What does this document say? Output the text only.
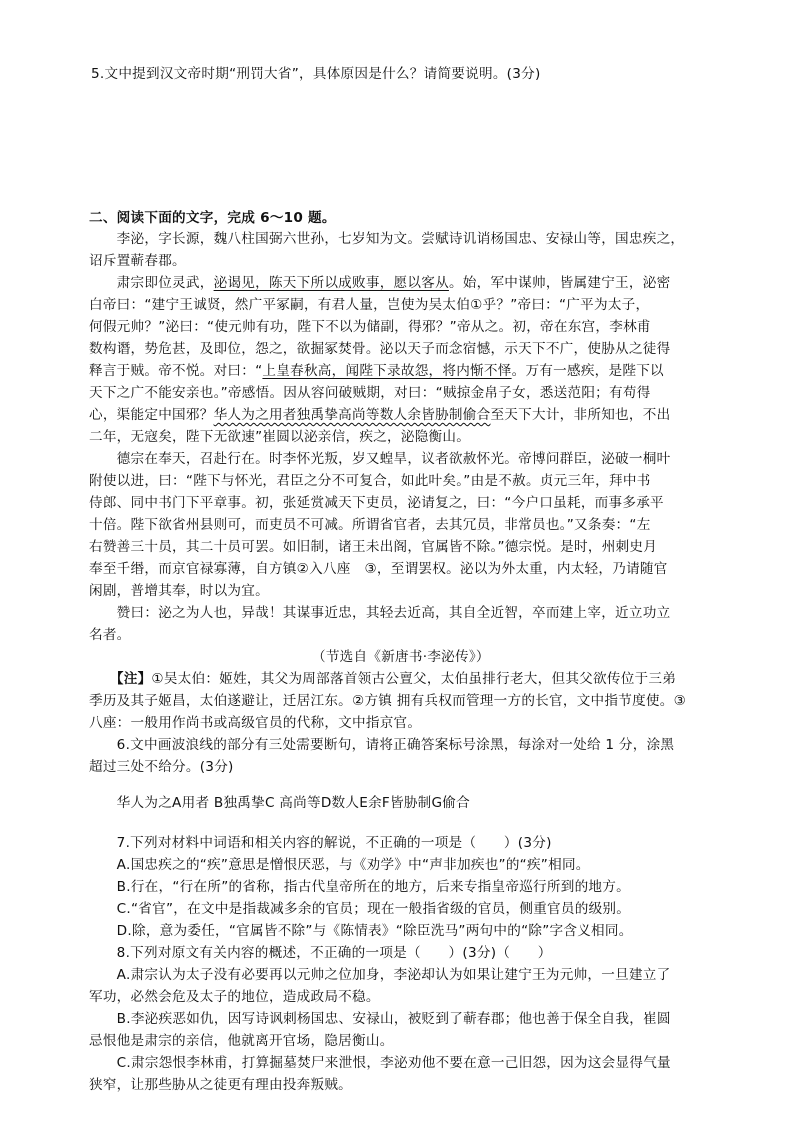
5.文中提到汉文帝时期“刑罚大省”，具体原因是什么？请简要说明。(3分)
二、阅读下面的文字，完成 6～10 题。
　　李泌，字长源，魏八柱国弼六世孙，七岁知为文。尝赋诗讥诮杨国忠、安禄山等，国忠疾之，
诏斥置蕲春郡。
　　肃宗即位灵武，泌谒见，陈天下所以成败事，愿以客从。始，军中谋帅，皆属建宁王，泌密
白帝曰：“建宁王诚贤，然广平冢嗣，有君人量，岂使为吴太伯①乎？”帝曰：“广平为太子，
何假元帅？”泌曰：“使元帅有功，陛下不以为储副，得邪？”帝从之。初，帝在东宫，李林甫
数构谮，势危甚，及即位，怨之，欲掘冢焚骨。泌以天子而念宿憾，示天下不广，使胁从之徒得
释言于贼。帝不悦。对曰：“上皇春秋高，闻陛下录故怨，将内惭不怿。万有一感疾，是陛下以
天下之广不能安亲也。”帝感悟。因从容问破贼期，对曰：“贼掠金帛子女，悉送范阳；有苟得
心，渠能定中国邪？华人为之用者独禹挚高尚等数人余皆胁制偷合至天下大计，非所知也，不出
二年，无寇矣，陛下无欲速”崔圆以泌亲信，疾之，泌隐衡山。
　　德宗在奉天，召赴行在。时李怀光叛，岁又蝗旱，议者欲赦怀光。帝博问群臣，泌破一桐叶
附使以进，曰：“陛下与怀光，君臣之分不可复合，如此叶矣。”由是不赦。贞元三年，拜中书
侍郎、同中书门下平章事。初，张延赏减天下吏员，泌请复之，曰：“今户口虽耗，而事多承平
十倍。陛下欲省州县则可，而吏员不可减。所谓省官者，去其冗员，非常员也。”又条奏：“左
右赞善三十员，其二十员可罢。如旧制，诸王未出阁，官属皆不除。”德宗悦。是时，州刺史月
奉至千缗，而京官禄寡薄，自方镇②入八座　③，至谓罢权。泌以为外太重，内太轻，乃请随官
闲剧，普增其奉，时以为宜。
　　赞曰：泌之为人也，异哉！其谋事近忠，其轻去近高，其自全近智，卒而建上宰，近立功立
名者。
（节选自《新唐书·李泌传》）
　　【注】①吴太伯：姬姓，其父为周部落首领古公亶父，太伯虽排行老大，但其父欲传位于三弟
季历及其子姬昌，太伯遂避让，迁居江东。②方镇 拥有兵权而管理一方的长官，文中指节度使。③
八座：一般用作尚书或高级官员的代称，文中指京官。
　　6.文中画波浪线的部分有三处需要断句，请将正确答案标号涂黑，每涂对一处给 1 分，涂黑
超过三处不给分。(3分)
　　华人为之A用者 B独禹挚C 高尚等D数人E余F皆胁制G偷合
　　7.下列对材料中词语和相关内容的解说，不正确的一项是（　　）(3分)
　　A.国忠疾之的“疾”意思是憎恨厌恶，与《劝学》中“声非加疾也”的“疾”相同。
　　B.行在，“行在所”的省称，指古代皇帝所在的地方，后来专指皇帝巡行所到的地方。
　　C.“省官”，在文中是指裁减多余的官员；现在一般指省级的官员，侧重官员的级别。
　　D.除，意为委任，“官属皆不除”与《陈情表》“除臣洗马”两句中的“除”字含义相同。
　　8.下列对原文有关内容的概述，不正确的一项是（　　）(3分)（　　）
　　A.肃宗认为太子没有必要再以元帅之位加身，李泌却认为如果让建宁王为元帅，一旦建立了
军功，必然会危及太子的地位，造成政局不稳。
　　B.李泌疾恶如仇，因写诗讽刺杨国忠、安禄山，被贬到了蕲春郡；他也善于保全自我，崔圆
忌恨他是肃宗的亲信，他就离开官场，隐居衡山。
　　C.肃宗怨恨李林甫，打算掘墓焚尸来泄恨，李泌劝他不要在意一己旧怨，因为这会显得气量
狭窄，让那些胁从之徒更有理由投奔叛贼。
